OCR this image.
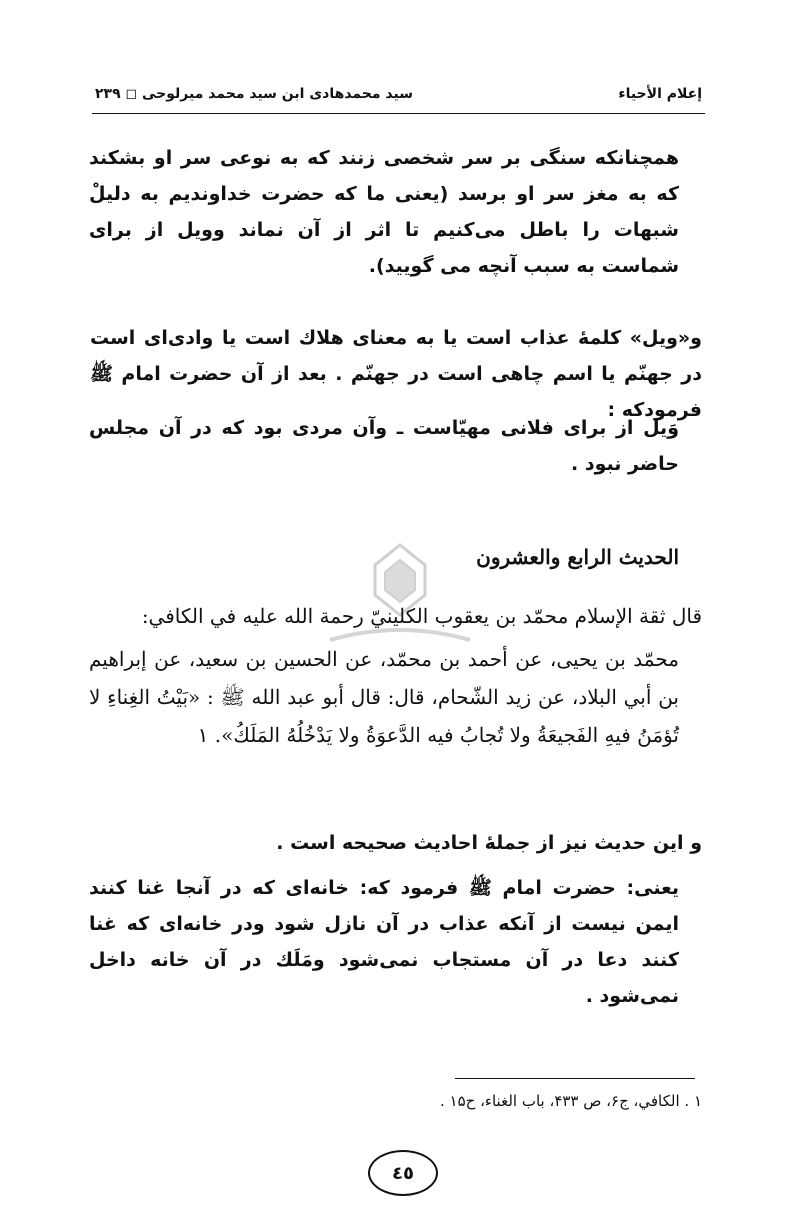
إعلام الأحياء
سيد محمدهادی ابن سيد محمد ميرلوحی ◻ ۲۳۹
همچنانکه سنگی بر سر شخصی زنند که به نوعی سر او بشکند که به مغز سر او برسد (یعنی ما که حضرت خداوندیم به دلیلْ شبهات را باطل می‌کنیم تا اثر از آن نماند وویل از برای شماست به سبب آنچه می گویید).
و«ویل» کلمهٔ عذاب است یا به معنای هلاك است یا وادی‌ای است در جهنّم یا اسم چاهی است در جهنّم . بعد از آن حضرت امام ﷺ فرمودکه :
وَیل از برای فلانی مهیّاست ـ وآن مردی بود که در آن مجلس حاضر نبود .
الحديث الرابع والعشرون
قال ثقة الإسلام محمّد بن يعقوب الكلينيّ رحمة الله عليه في الكافي:
محمّد بن يحيى، عن أحمد بن محمّد، عن الحسين بن سعيد، عن إبراهيم بن أبي البلاد، عن زيد الشّحام، قال: قال أبو عبد الله ﷺ : «بَيْتُ الغِناءِ لا تُؤمَنُ فيهِ الفَجيعَةُ ولا تُجابُ فيه الدَّعوَةُ ولا يَدْخُلُهُ المَلَكُ». ١
و این حدیث نیز از جملهٔ احادیث صحیحه است .
یعنی: حضرت امام ﷺ فرمود که: خانه‌ای که در آنجا غنا کنند ایمن نیست از آنکه عذاب در آن نازل شود ودر خانه‌ای که غنا کنند دعا در آن مستجاب نمی‌شود ومَلَك در آن خانه داخل نمی‌شود .
١ . الكافي، ج۶، ص ۴۳۳، باب الغناء، ح۱۵ .
٤٥
